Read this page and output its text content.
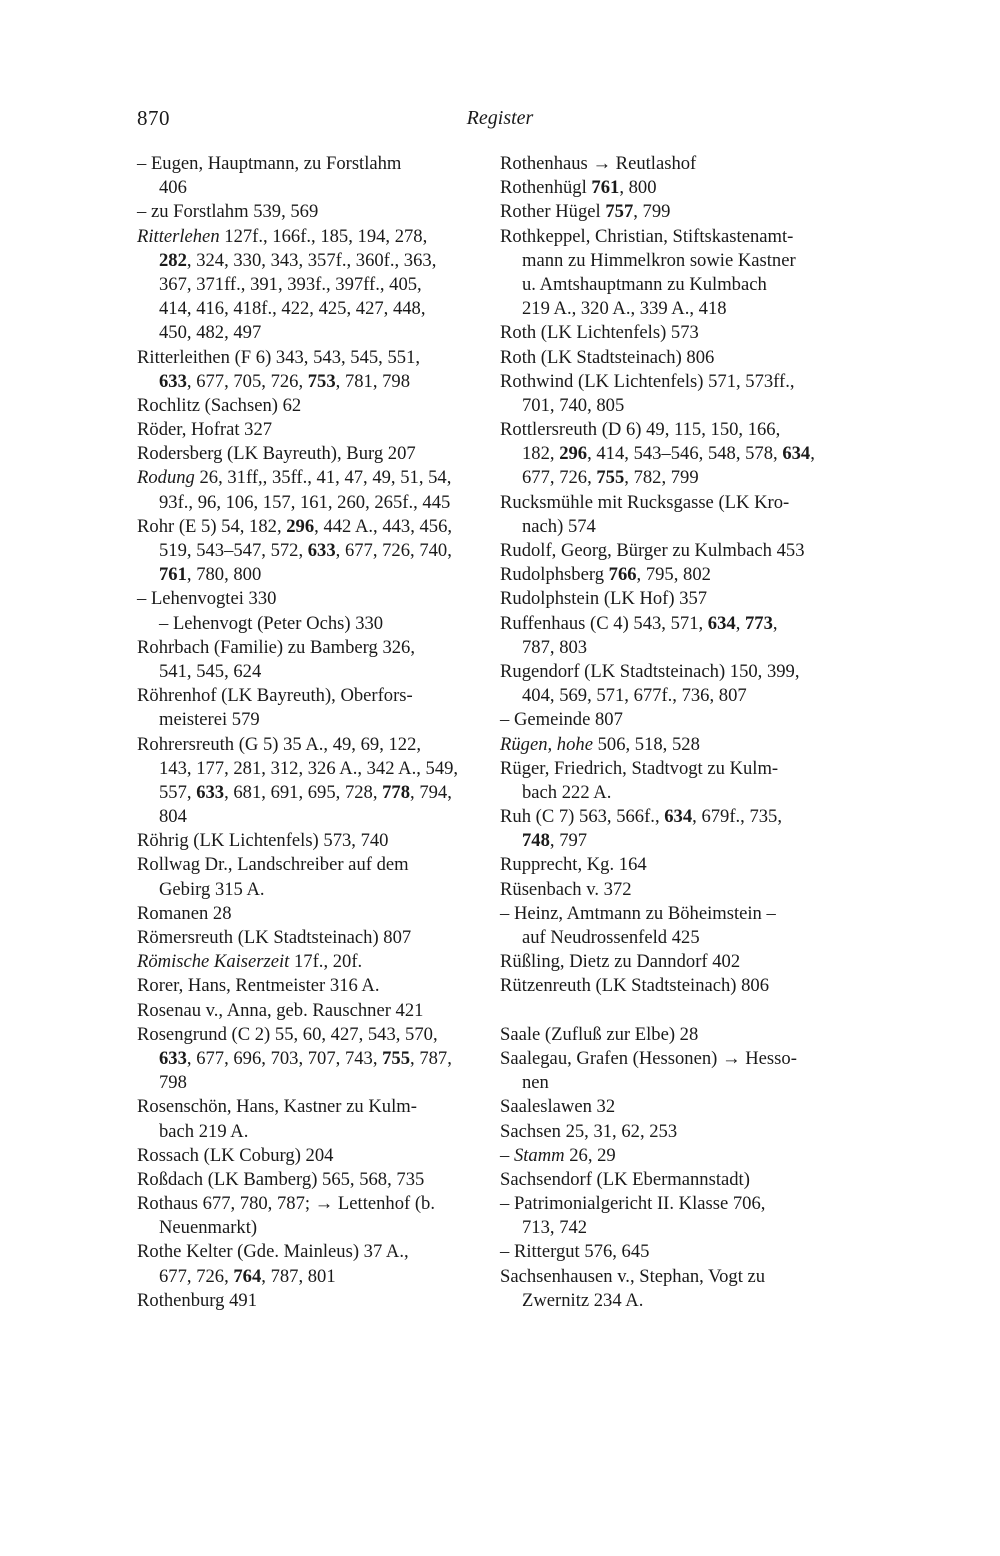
870	Register
– Eugen, Hauptmann, zu Forstlahm
406
– zu Forstlahm 539, 569
Ritterlehen 127f., 166f., 185, 194, 278,
282, 324, 330, 343, 357f., 360f., 363,
367, 371ff., 391, 393f., 397ff., 405,
414, 416, 418f., 422, 425, 427, 448,
450, 482, 497
Ritterleithen (F 6) 343, 543, 545, 551,
633, 677, 705, 726, 753, 781, 798
Rochlitz (Sachsen) 62
Röder, Hofrat 327
Rodersberg (LK Bayreuth), Burg 207
Rodung 26, 31ff,, 35ff., 41, 47, 49, 51, 54,
93f., 96, 106, 157, 161, 260, 265f., 445
Rohr (E 5) 54, 182, 296, 442 A., 443, 456,
519, 543–547, 572, 633, 677, 726, 740,
761, 780, 800
– Lehenvogtei 330
– Lehenvogt (Peter Ochs) 330
Rohrbach (Familie) zu Bamberg 326,
541, 545, 624
Röhrenhof (LK Bayreuth), Oberfors-
meisterei 579
Rohrersreuth (G 5) 35 A., 49, 69, 122,
143, 177, 281, 312, 326 A., 342 A., 549,
557, 633, 681, 691, 695, 728, 778, 794,
804
Röhrig (LK Lichtenfels) 573, 740
Rollwag Dr., Landschreiber auf dem
Gebirg 315 A.
Romanen 28
Römersreuth (LK Stadtsteinach) 807
Römische Kaiserzeit 17f., 20f.
Rorer, Hans, Rentmeister 316 A.
Rosenau v., Anna, geb. Rauschner 421
Rosengrund (C 2) 55, 60, 427, 543, 570,
633, 677, 696, 703, 707, 743, 755, 787,
798
Rosenschön, Hans, Kastner zu Kulm-
bach 219 A.
Rossach (LK Coburg) 204
Roßdach (LK Bamberg) 565, 568, 735
Rothaus 677, 780, 787; → Lettenhof (b.
Neuenmarkt)
Rothe Kelter (Gde. Mainleus) 37 A.,
677, 726, 764, 787, 801
Rothenburg 491
Rothenhaus → Reutlashof
Rothenhügl 761, 800
Rother Hügel 757, 799
Rothkeppel, Christian, Stiftskastenamt-
mann zu Himmelkron sowie Kastner
u. Amtshauptmann zu Kulmbach
219 A., 320 A., 339 A., 418
Roth (LK Lichtenfels) 573
Roth (LK Stadtsteinach) 806
Rothwind (LK Lichtenfels) 571, 573ff.,
701, 740, 805
Rottlersreuth (D 6) 49, 115, 150, 166,
182, 296, 414, 543–546, 548, 578, 634,
677, 726, 755, 782, 799
Rucksmühle mit Rucksgasse (LK Kro-
nach) 574
Rudolf, Georg, Bürger zu Kulmbach 453
Rudolphsberg 766, 795, 802
Rudolphstein (LK Hof) 357
Ruffenhaus (C 4) 543, 571, 634, 773,
787, 803
Rugendorf (LK Stadtsteinach) 150, 399,
404, 569, 571, 677f., 736, 807
– Gemeinde 807
Rügen, hohe 506, 518, 528
Rüger, Friedrich, Stadtvogt zu Kulm-
bach 222 A.
Ruh (C 7) 563, 566f., 634, 679f., 735,
748, 797
Rupprecht, Kg. 164
Rüsenbach v. 372
– Heinz, Amtmann zu Böheimstein –
auf Neudrossenfeld 425
Rüßling, Dietz zu Danndorf 402
Rützenreuth (LK Stadtsteinach) 806
Saale (Zufluß zur Elbe) 28
Saalegau, Grafen (Hessonen) → Hesso-
nen
Saaleslawen 32
Sachsen 25, 31, 62, 253
– Stamm 26, 29
Sachsendorf (LK Ebermannstadt)
– Patrimonialgericht II. Klasse 706,
713, 742
– Rittergut 576, 645
Sachsenhausen v., Stephan, Vogt zu
Zwernitz 234 A.
